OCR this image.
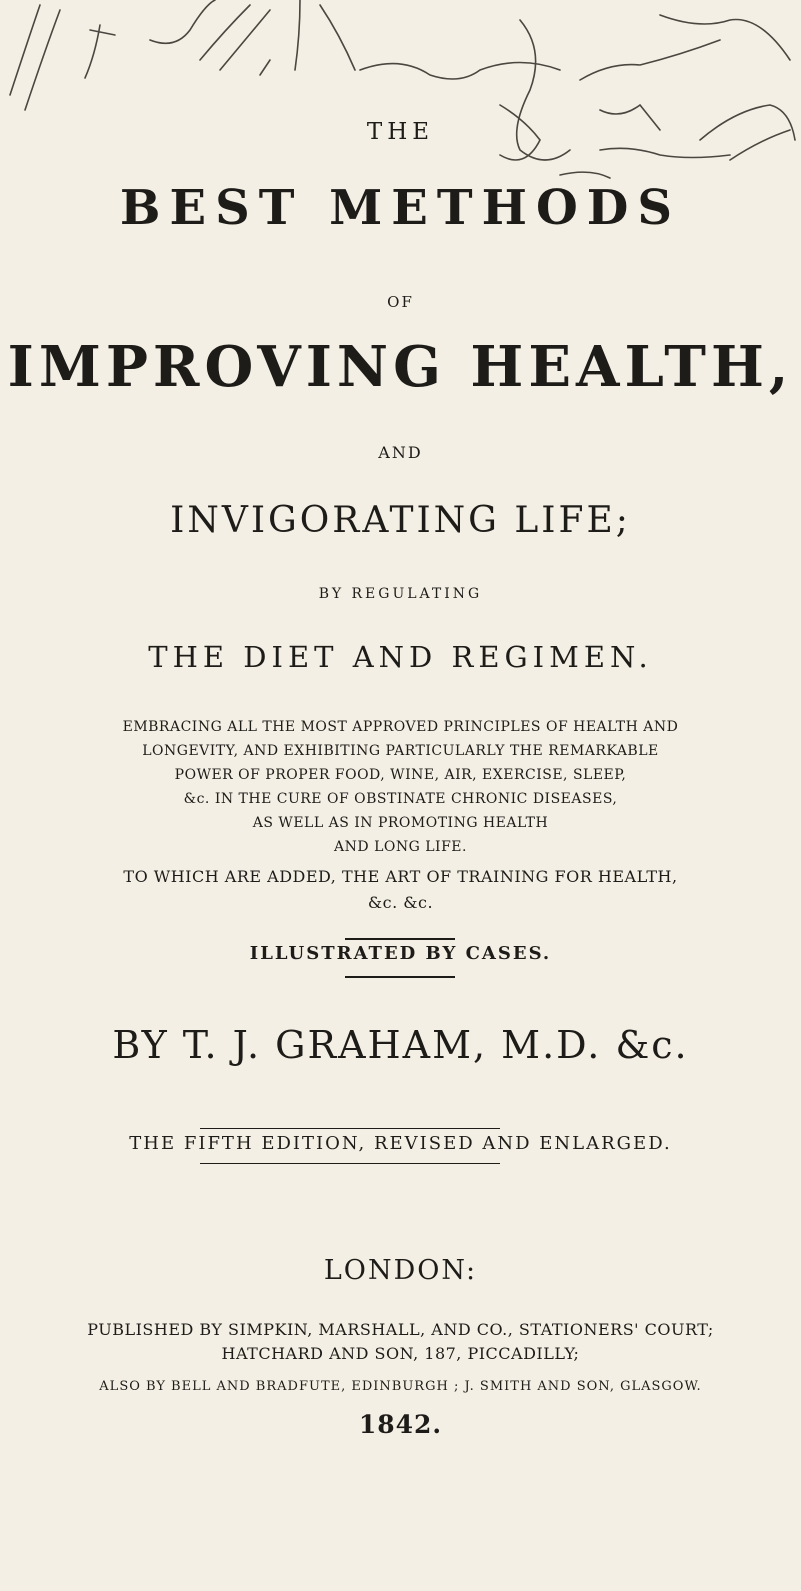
THE
BEST METHODS
OF
IMPROVING HEALTH,
AND
INVIGORATING LIFE;
BY REGULATING
THE DIET AND REGIMEN.
EMBRACING ALL THE MOST APPROVED PRINCIPLES OF HEALTH AND
LONGEVITY, AND EXHIBITING PARTICULARLY THE REMARKABLE
POWER OF PROPER FOOD, WINE, AIR, EXERCISE, SLEEP,
&c. IN THE CURE OF OBSTINATE CHRONIC DISEASES,
AS WELL AS IN PROMOTING HEALTH
AND LONG LIFE.
TO WHICH ARE ADDED, THE ART OF TRAINING FOR HEALTH,
&c. &c.
ILLUSTRATED BY CASES.
BY T. J. GRAHAM, M.D. &c.
THE FIFTH EDITION, REVISED AND ENLARGED.
LONDON:
PUBLISHED BY SIMPKIN, MARSHALL, AND CO., STATIONERS' COURT;
HATCHARD AND SON, 187, PICCADILLY;
ALSO BY BELL AND BRADFUTE, EDINBURGH ; J. SMITH AND SON, GLASGOW.
1842.
